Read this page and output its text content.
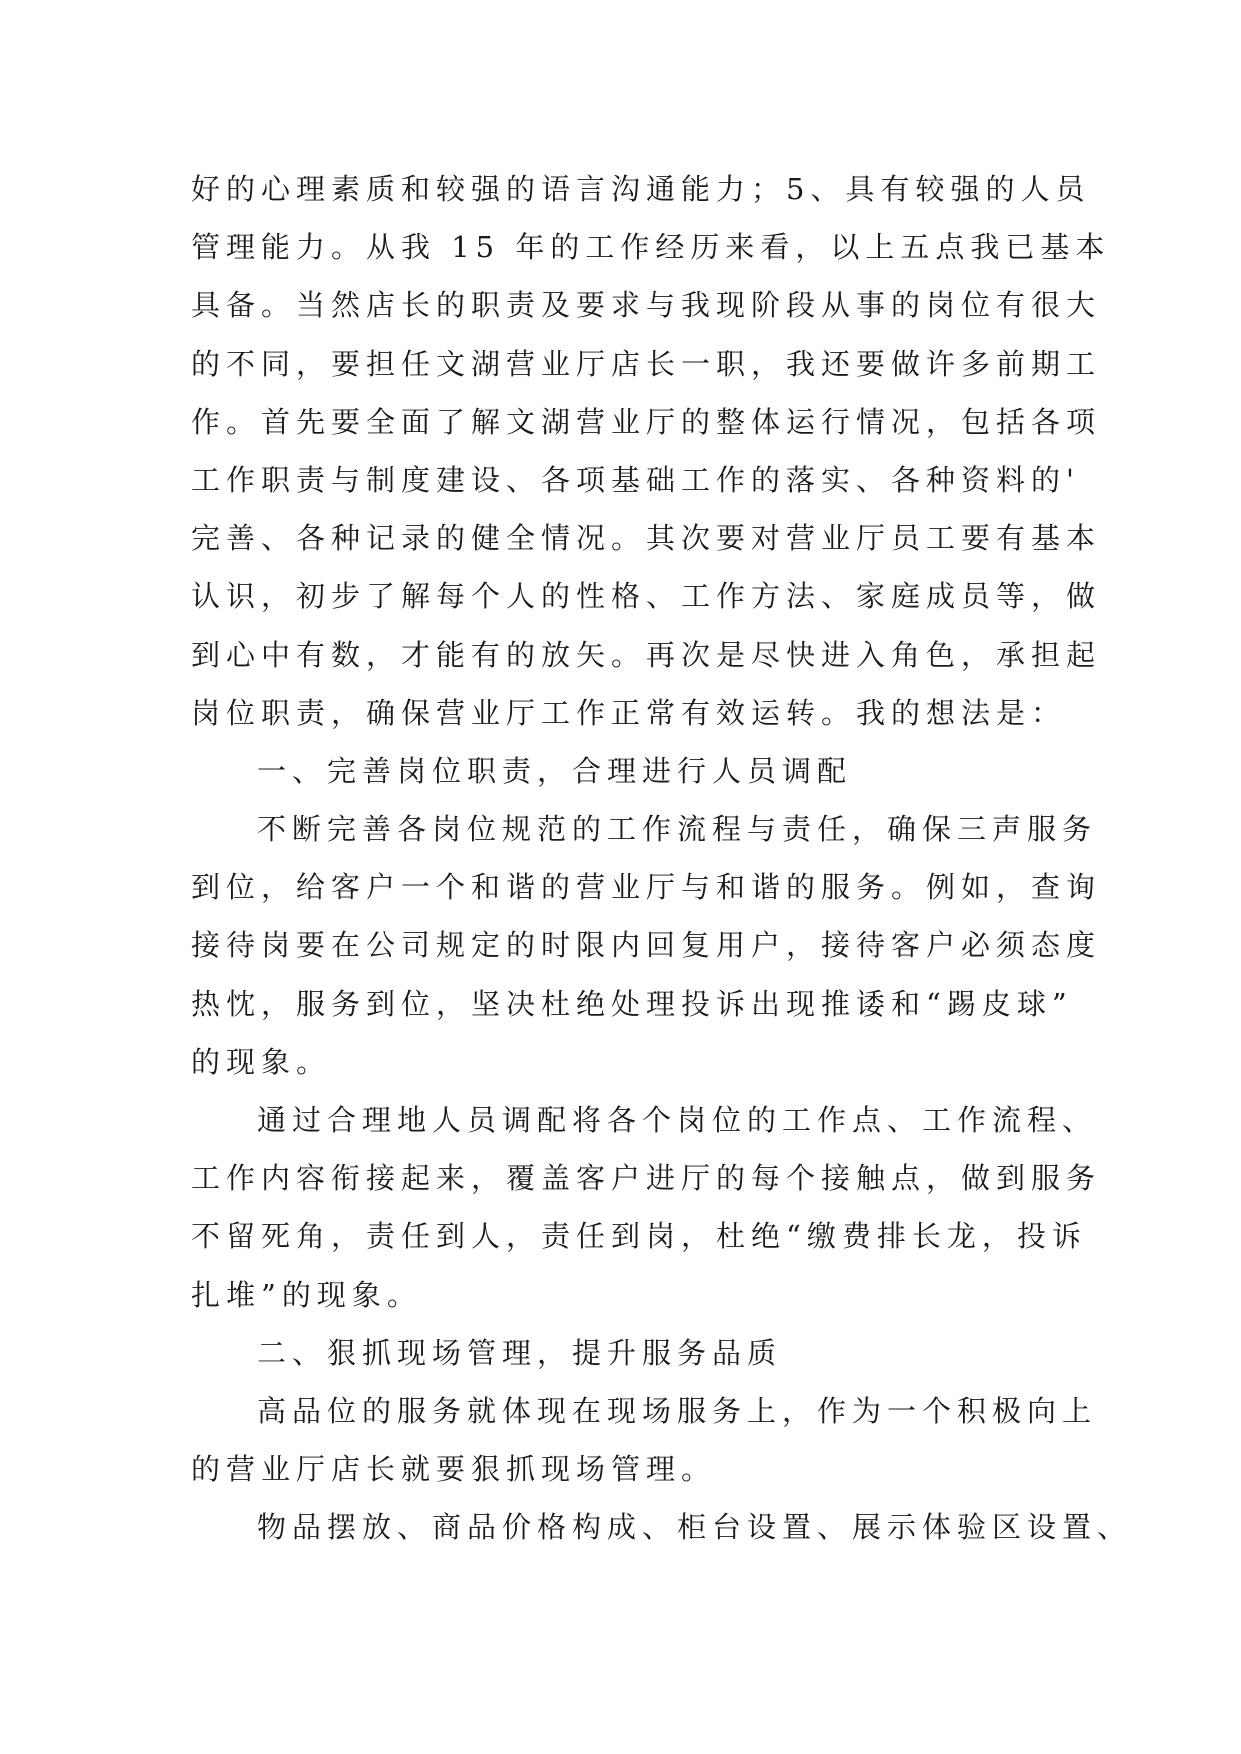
好的心理素质和较强的语言沟通能力；5、具有较强的人员
管理能力。从我 15 年的工作经历来看，以上五点我已基本
具备。当然店长的职责及要求与我现阶段从事的岗位有很大
的不同，要担任文湖营业厅店长一职，我还要做许多前期工
作。首先要全面了解文湖营业厅的整体运行情况，包括各项
工作职责与制度建设、各项基础工作的落实、各种资料的'
完善、各种记录的健全情况。其次要对营业厅员工要有基本
认识，初步了解每个人的性格、工作方法、家庭成员等，做
到心中有数，才能有的放矢。再次是尽快进入角色，承担起
岗位职责，确保营业厅工作正常有效运转。我的想法是：
一、完善岗位职责，合理进行人员调配
不断完善各岗位规范的工作流程与责任，确保三声服务
到位，给客户一个和谐的营业厅与和谐的服务。例如，查询
接待岗要在公司规定的时限内回复用户，接待客户必须态度
热忱，服务到位，坚决杜绝处理投诉出现推诿和“踢皮球”
的现象。
通过合理地人员调配将各个岗位的工作点、工作流程、
工作内容衔接起来，覆盖客户进厅的每个接触点，做到服务
不留死角，责任到人，责任到岗，杜绝“缴费排长龙，投诉
扎堆”的现象。
二、狠抓现场管理，提升服务品质
高品位的服务就体现在现场服务上，作为一个积极向上
的营业厅店长就要狠抓现场管理。
物品摆放、商品价格构成、柜台设置、展示体验区设置、
